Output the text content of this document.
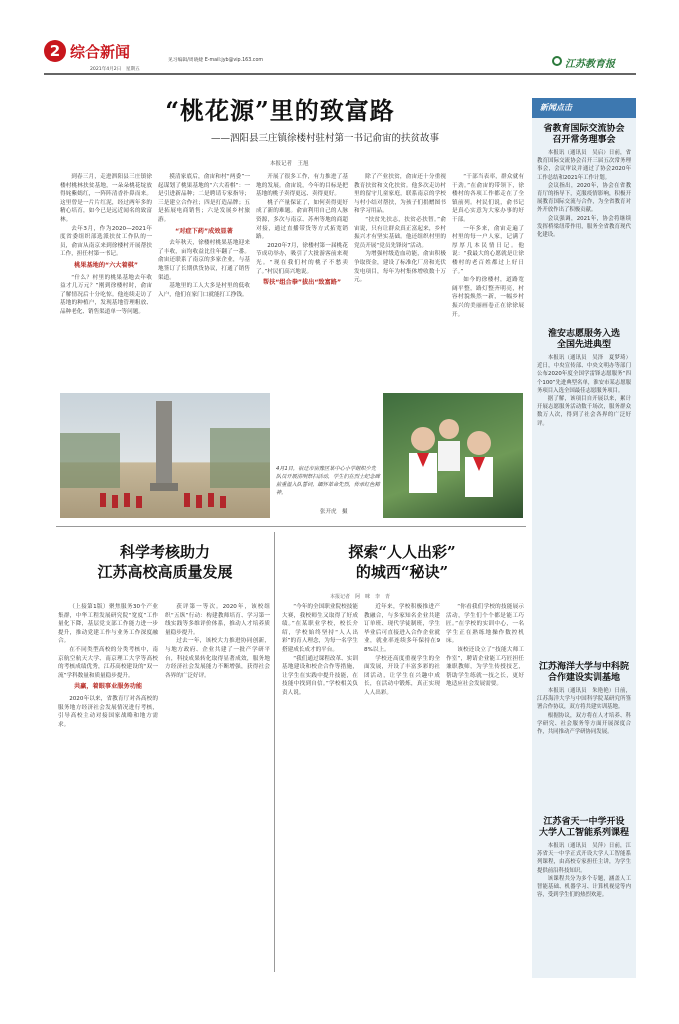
2 综合新闻
2021年4月2日　星期五
见习编辑/周晓婕 E-mail:jyb@vip.163.com	江苏教育报
“桃花源”里的致富路
——泗阳县三庄镇徐楼村驻村第一书记俞宙的扶贫故事
本报记者　王旭

到春三月，走进泗阳县三庄镇徐楼村桃林扶贫基地，一朵朵桃花绽放得姹紫嫣红，一阵阵清香扑鼻而来。这里曾是一片片红泥，经过两年多的精心培育，如今已是远近闻名的致富林。

去年3月，作为2020—2021年度省委组织部选派扶贫工作队的一员，俞宙从南京来到徐楼村开展帮扶工作，担任村第一书记。

桃果基地的“六大着棋”

“什么？村里的桃果基地去年收益才几万元？”刚到徐楼村时，俞宙了解情况后十分吃惊。他连续走访了基地的种植户，发现基地管理粗放、品种老化、销售渠道单一等问题。

摸清家底后，俞宙和村“两委”一起谋划了桃果基地的“六大着棋”：一是引进新品种；二是聘请专家指导；三是建立合作社；四是打造品牌；五是拓展电商销售；六是发展乡村旅游。

“对症下药”成效显著

去年秋天，徐楼村桃果基地迎来了丰收，亩均收益比往年翻了一番。俞宙还联系了南京的多家企业，与基地签订了长期供货协议，打通了销售渠道。

基地里的工人大多是村里的低收入户，他们在家门口就能打工挣钱。

开展了很多工作，有力推进了基地的发展。俞宙说，今年的目标是把基地的桃子卖得更远、卖得更好。

桃子产量保证了，如何卖得更好成了新的难题。俞宙利用自己的人脉资源，多次与南京、苏州等地的商超对接，通过直播带货等方式拓宽销路。

2020年7月，徐楼村第一届桃花节成功举办，吸引了大批游客前来观光。“现在我们村的桃子不愁卖了。”村民们高兴地说。

帮扶“组合拳”拔出“致富路”

除了产业扶贫，俞宙还十分重视教育扶贫和文化扶贫。他多次走访村里的留守儿童家庭，联系南京的学校与村小结对帮扶，为孩子们捐赠图书和学习用品。

“扶贫先扶志，扶贫必扶智。”俞宙说，只有让群众真正富起来，乡村振兴才有坚实基础。他还组织村里的党员开展“党员先锋岗”活动。

为增强村级造血功能，俞宙积极争取资金，建设了标准化厂房和光伏发电项目，每年为村集体增收数十万元。

“干部当表率，群众就有干劲。”在俞宙的带领下，徐楼村的各项工作都走在了全镇前列。村民们说，俞书记是真心实意为大家办事的好干部。

一年多来，俞宙走遍了村里的每一户人家，记满了厚厚几本民情日记。他说：“我最大的心愿就是让徐楼村的老百姓都过上好日子。”

如今的徐楼村，道路宽阔平整，路灯整齐明亮，村容村貌焕然一新，一幅乡村振兴的美丽画卷正在徐徐展开。

4月1日，宿迁市宿豫区某中心小学组织少先队员开展清明祭扫活动，学生们在烈士纪念碑前重温入队誓词，缅怀革命先烈，传承红色精神。
张开虎　摄
科学考核助力
江苏高校高质量发展

（上接第1版）聚焦服务30个产业集群，中华工程发展研究院“宽度”工作量化下降，基层党支部工作能力进一步提升，推动党建工作与业务工作深度融合。

在不同类型高校的分类考核中，南京航空航天大学、南京理工大学等高校的考核成绩优秀，江苏高校建设的“双一流”学科数量和质量稳步提升。

共赢，着眼事业服务功能

2020年以来，省教育厅对各高校的服务地方经济社会发展情况进行考核，引导高校主动对接国家战略和地方需求。

获评第一等次。2020年，该校组织“五纵”行动：构建教师培育、学习第一线实践等多维评价体系，推动人才培养质量稳步提升。

过去一年，该校大力推进协同创新，与地方政府、企业共建了一批产学研平台，科技成果转化取得显著成效，服务地方经济社会发展能力不断增强，获得社会各界的广泛好评。

探索“人人出彩”
的城西“秘诀”
本报记者　阿　咪　李　青

“今年的全国职业院校技能大赛，我校师生又取得了好成绩。”在某职业学校，校长介绍，学校始终坚持“人人出彩”的育人理念，为每一名学生搭建成长成才的平台。

“我们通过课程改革、实训基地建设和校企合作等措施，让学生在实践中提升技能，在技能中找到自信。”学校相关负责人说。

近年来，学校积极推进产教融合，与多家知名企业共建订单班、现代学徒制班，学生毕业后可直接进入合作企业就业，就业率连续多年保持在98%以上。

学校还高度重视学生的全面发展，开设了丰富多彩的社团活动，让学生在兴趣中成长，在活动中锻炼，真正实现人人出彩。

“你看我们学校的技能展示活动，学生们个个都是能工巧匠。”在学校的实训中心，一名学生正在熟练地操作数控机床。

该校还设立了“技能大师工作室”，聘请企业能工巧匠担任兼职教师，为学生传授技艺，帮助学生练就一技之长，更好地适应社会发展需要。

新闻点击
省教育国际交流协会
召开常务理事会

本报讯（通讯员　吴启）日前，省教育国际交流协会召开三届五次常务理事会，会议审议并通过了协会2020年工作总结和2021年工作计划。

会议指出，2020年，协会在省教育厅的指导下，克服疫情影响，积极开展教育国际交流与合作，为全省教育对外开放作出了积极贡献。

会议强调，2021年，协会将继续发挥桥梁纽带作用，服务全省教育现代化建设。

淮安志愿服务入选
全国先进典型

本报讯（通讯员　吴泽　夏梦琦）近日，中央宣传部、中央文明办等部门公布2020年度全国学雷锋志愿服务“四个100”先进典型名单，淮安市某志愿服务项目入选全国最佳志愿服务项目。

据了解，该项目自开展以来，累计开展志愿服务活动数千场次，服务群众数万人次，得到了社会各界的广泛好评。

江苏海洋大学与中科院
合作建设实训基地

本报讯（通讯员　朱艳艳）日前，江苏海洋大学与中国科学院某研究所签署合作协议，双方将共建实训基地。

根据协议，双方将在人才培养、科学研究、社会服务等方面开展深度合作，共同推动产学研协同发展。

江苏省天一中学开设
大学人工智能系列课程

本报讯（通讯员　吴萍）日前，江苏省天一中学正式开设大学人工智能系列课程，由高校专家担任主讲，为学生提供前沿科技知识。

该课程共分为多个专题，涵盖人工智能基础、机器学习、计算机视觉等内容，受到学生们的热烈欢迎。
